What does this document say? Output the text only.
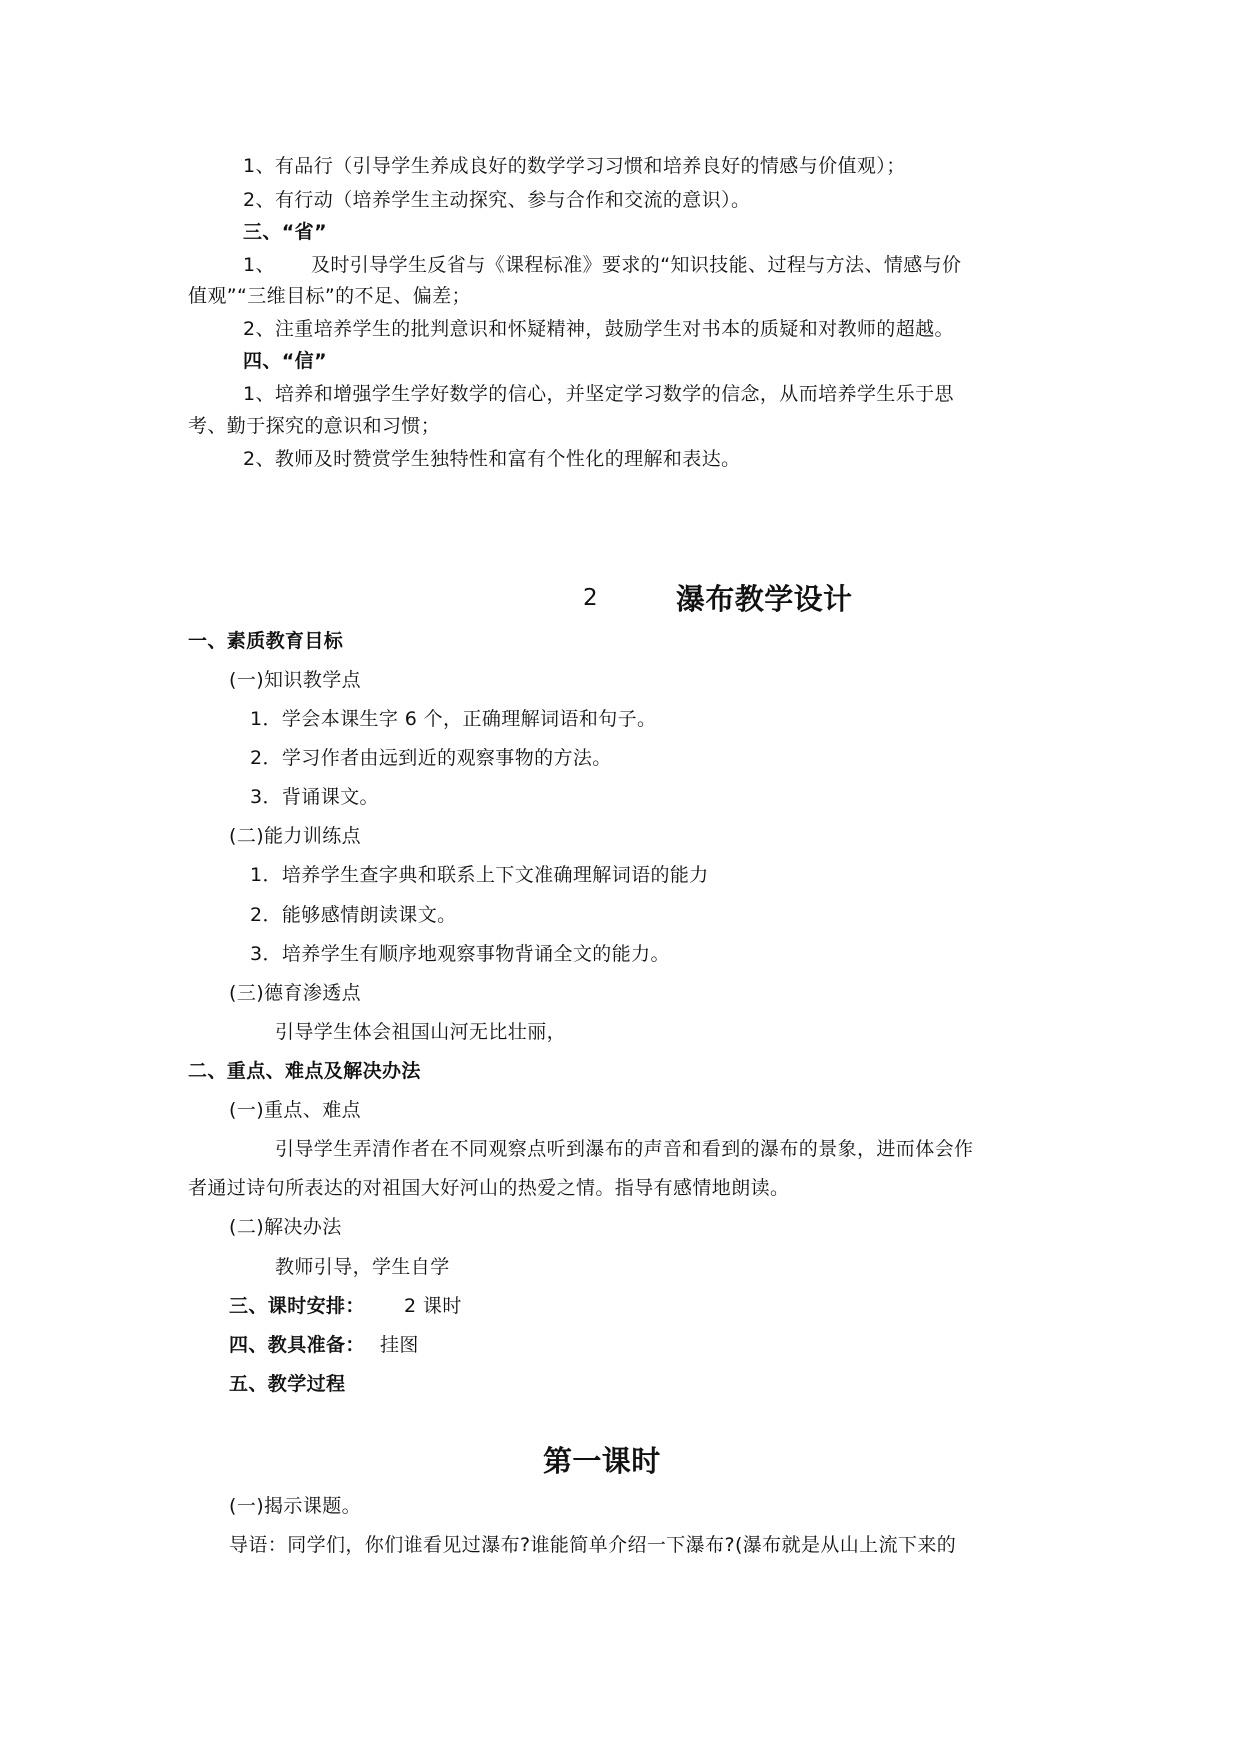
1、有品行（引导学生养成良好的数学学习习惯和培养良好的情感与价值观）；
2、有行动（培养学生主动探究、参与合作和交流的意识）。
三、“省”
1、 及时引导学生反省与《课程标准》要求的“知识技能、过程与方法、情感与价
值观”“三维目标”的不足、偏差；
2、注重培养学生的批判意识和怀疑精神，鼓励学生对书本的质疑和对教师的超越。
四、“信”
1、培养和增强学生学好数学的信心，并坚定学习数学的信念，从而培养学生乐于思
考、勤于探究的意识和习惯；
2、教师及时赞赏学生独特性和富有个性化的理解和表达。
2	瀑布教学设计
一、素质教育目标
(一)知识教学点
1．学会本课生字 6 个，正确理解词语和句子。
2．学习作者由远到近的观察事物的方法。
3．背诵课文。
(二)能力训练点
1．培养学生查字典和联系上下文准确理解词语的能力
2．能够感情朗读课文。
3．培养学生有顺序地观察事物背诵全文的能力。
(三)德育渗透点
引导学生体会祖国山河无比壮丽，
二、重点、难点及解决办法
(一)重点、难点
引导学生弄清作者在不同观察点听到瀑布的声音和看到的瀑布的景象，进而体会作
者通过诗句所表达的对祖国大好河山的热爱之情。指导有感情地朗读。
(二)解决办法
教师引导，学生自学
三、课时安排： 2 课时
四、教具准备： 挂图
五、教学过程
第一课时
(一)揭示课题。
导语：同学们，你们谁看见过瀑布?谁能简单介绍一下瀑布?(瀑布就是从山上流下来的
